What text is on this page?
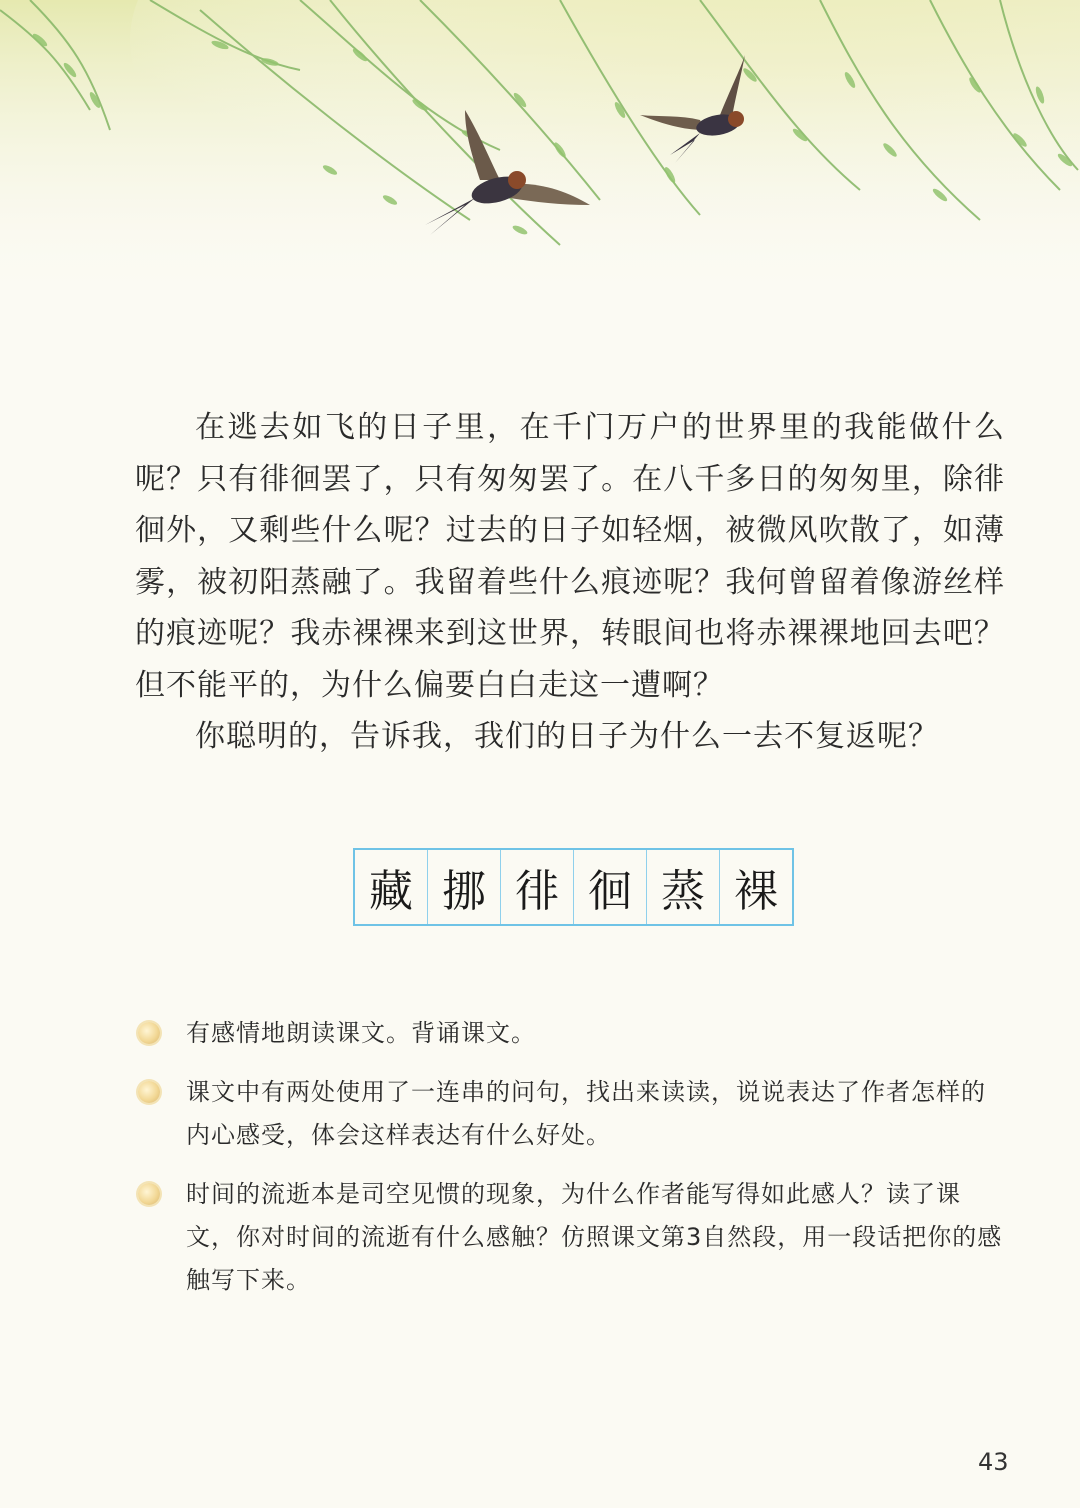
在逃去如飞的日子里，在千门万户的世界里的我能做什么呢？只有徘徊罢了，只有匆匆罢了。在八千多日的匆匆里，除徘徊外，又剩些什么呢？过去的日子如轻烟，被微风吹散了，如薄雾，被初阳蒸融了。我留着些什么痕迹呢？我何曾留着像游丝样的痕迹呢？我赤裸裸来到这世界，转眼间也将赤裸裸地回去吧？但不能平的，为什么偏要白白走这一遭啊？

你聪明的，告诉我，我们的日子为什么一去不复返呢？

藏 挪 徘 徊 蒸 裸
有感情地朗读课文。背诵课文。
课文中有两处使用了一连串的问句，找出来读读，说说表达了作者怎样的内心感受，体会这样表达有什么好处。
时间的流逝本是司空见惯的现象，为什么作者能写得如此感人？读了课文，你对时间的流逝有什么感触？仿照课文第3自然段，用一段话把你的感触写下来。
43
